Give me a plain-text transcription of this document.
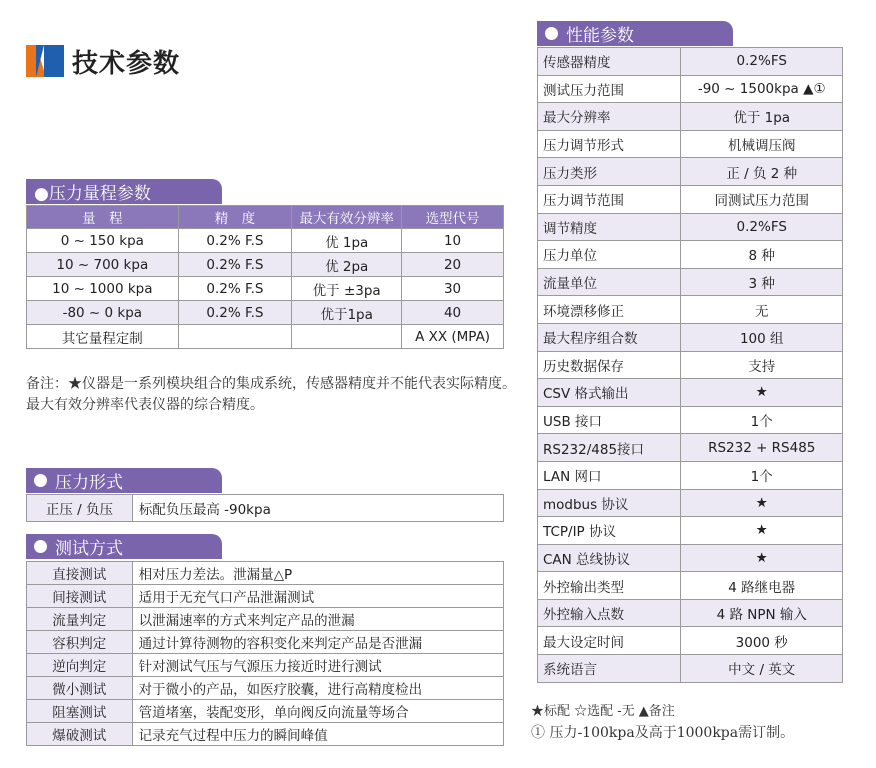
技术参数
●压力量程参数
量　程	精　度	最大有效分辨率	选型代号
0 ~ 150 kpa	0.2% F.S	优 1pa	10
10 ~ 700 kpa	0.2% F.S	优 2pa	20
10 ~ 1000 kpa	0.2% F.S	优于 ±3pa	30
-80 ~ 0 kpa	0.2% F.S	优于1pa	40
其它量程定制			A XX (MPA)
备注：★仪器是一系列模块组合的集成系统，传感器精度并不能代表实际精度。最大有效分辨率代表仪器的综合精度。
压力形式
正压 / 负压	标配负压最高 -90kpa
测试方式
直接测试	相对压力差法。泄漏量△P
间接测试	适用于无充气口产品泄漏测试
流量判定	以泄漏速率的方式来判定产品的泄漏
容积判定	通过计算待测物的容积变化来判定产品是否泄漏
逆向判定	针对测试气压与气源压力接近时进行测试
微小测试	对于微小的产品，如医疗胶囊，进行高精度检出
阻塞测试	管道堵塞，装配变形，单向阀反向流量等场合
爆破测试	记录充气过程中压力的瞬间峰值
性能参数
传感器精度	0.2%FS
测试压力范围	-90 ~ 1500kpa ▲①
最大分辨率	优于 1pa
压力调节形式	机械调压阀
压力类形	正 / 负 2 种
压力调节范围	同测试压力范围
调节精度	0.2%FS
压力单位	8 种
流量单位	3 种
环境漂移修正	无
最大程序组合数	100 组
历史数据保存	支持
CSV 格式输出	★
USB 接口	1个
RS232/485接口	RS232 + RS485
LAN 网口	1个
modbus 协议	★
TCP/IP 协议	★
CAN 总线协议	★
外控输出类型	4 路继电器
外控输入点数	4 路 NPN 输入
最大设定时间	3000 秒
系统语言	中文 / 英文
★标配 ☆选配 -无 ▲备注
① 压力-100kpa及高于1000kpa需订制。
